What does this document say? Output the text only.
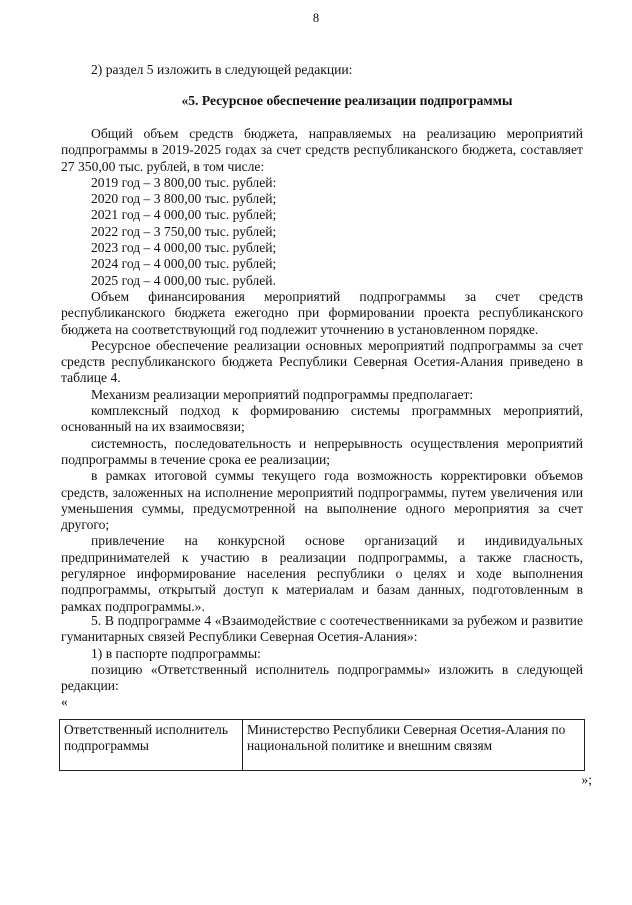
8
2) раздел 5 изложить в следующей редакции:
«5. Ресурсное обеспечение реализации подпрограммы

Общий объем средств бюджета, направляемых на реализацию мероприятий подпрограммы в 2019-2025 годах за счет средств республиканского бюджета, составляет 27 350,00 тыс. рублей, в том числе:

2019 год – 3 800,00 тыс. рублей:

2020 год – 3 800,00 тыс. рублей;

2021 год – 4 000,00 тыс. рублей;

2022 год – 3 750,00 тыс. рублей;

2023 год – 4 000,00 тыс. рублей;

2024 год – 4 000,00 тыс. рублей;

2025 год – 4 000,00 тыс. рублей.

Объем финансирования мероприятий подпрограммы за счет средств республиканского бюджета ежегодно при формировании проекта республиканского бюджета на соответствующий год подлежит уточнению в установленном порядке.

Ресурсное обеспечение реализации основных мероприятий подпрограммы за счет средств республиканского бюджета Республики Северная Осетия-Алания приведено в таблице 4.

Механизм реализации мероприятий подпрограммы предполагает:

комплексный подход к формированию системы программных мероприятий, основанный на их взаимосвязи;

системность, последовательность и непрерывность осуществления мероприятий подпрограммы в течение срока ее реализации;

в рамках итоговой суммы текущего года возможность корректировки объемов средств, заложенных на исполнение мероприятий подпрограммы, путем увеличения или уменьшения суммы, предусмотренной на выполнение одного мероприятия за счет другого;

привлечение на конкурсной основе организаций и индивидуальных предпринимателей к участию в реализации подпрограммы, а также гласность, регулярное информирование населения республики о целях и ходе выполнения подпрограммы, открытый доступ к материалам и базам данных, подготовленным в рамках подпрограммы.».

5. В подпрограмме 4 «Взаимодействие с соотечественниками за рубежом и развитие гуманитарных связей Республики Северная Осетия-Алания»:

1) в паспорте подпрограммы:

позицию «Ответственный исполнитель подпрограммы» изложить в следующей редакции:

«
Ответственный исполнитель подпрограммы	Министерство Республики Северная Осетия-Алания по национальной политике и внешним связям
»;
